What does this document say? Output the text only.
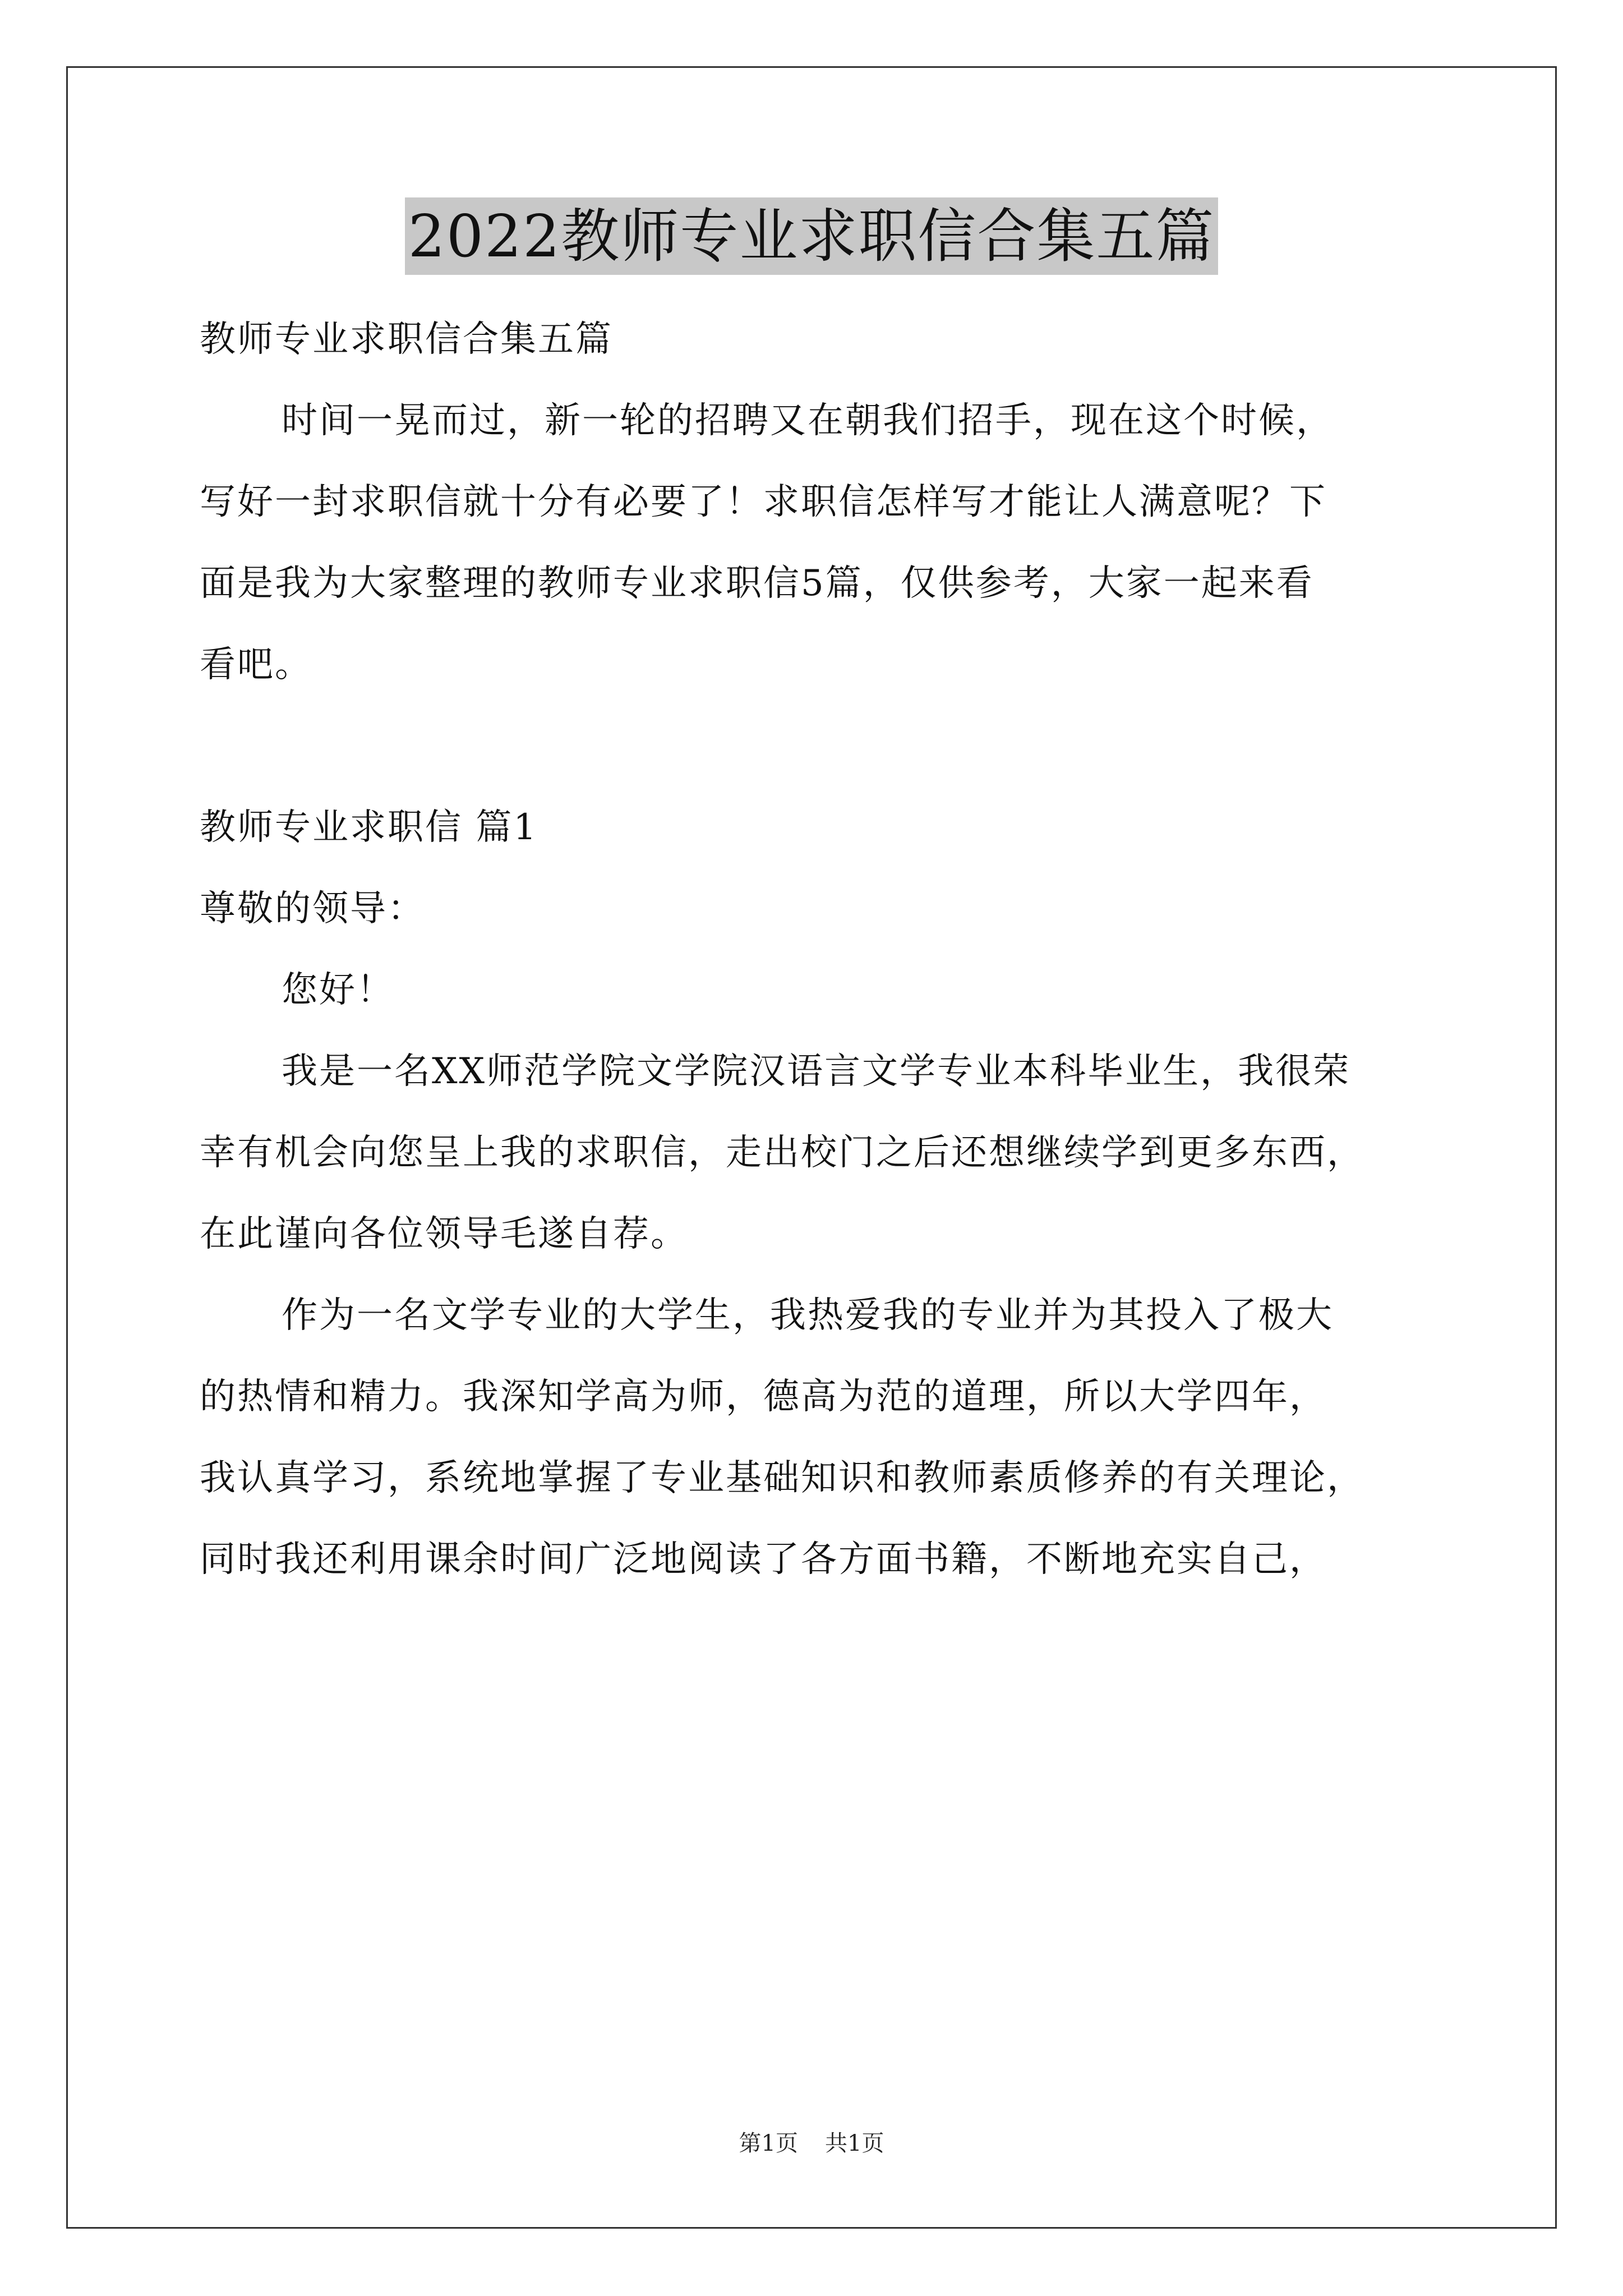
2022教师专业求职信合集五篇
教师专业求职信合集五篇
时间一晃而过，新一轮的招聘又在朝我们招手，现在这个时候，
写好一封求职信就十分有必要了！求职信怎样写才能让人满意呢？下
面是我为大家整理的教师专业求职信5篇，仅供参考，大家一起来看
看吧。
教师专业求职信 篇1
尊敬的领导：
您好！
我是一名XX师范学院文学院汉语言文学专业本科毕业生，我很荣
幸有机会向您呈上我的求职信，走出校门之后还想继续学到更多东西，
在此谨向各位领导毛遂自荐。
作为一名文学专业的大学生，我热爱我的专业并为其投入了极大
的热情和精力。我深知学高为师，德高为范的道理，所以大学四年，
我认真学习，系统地掌握了专业基础知识和教师素质修养的有关理论，
同时我还利用课余时间广泛地阅读了各方面书籍，不断地充实自己，
第1页 共1页
